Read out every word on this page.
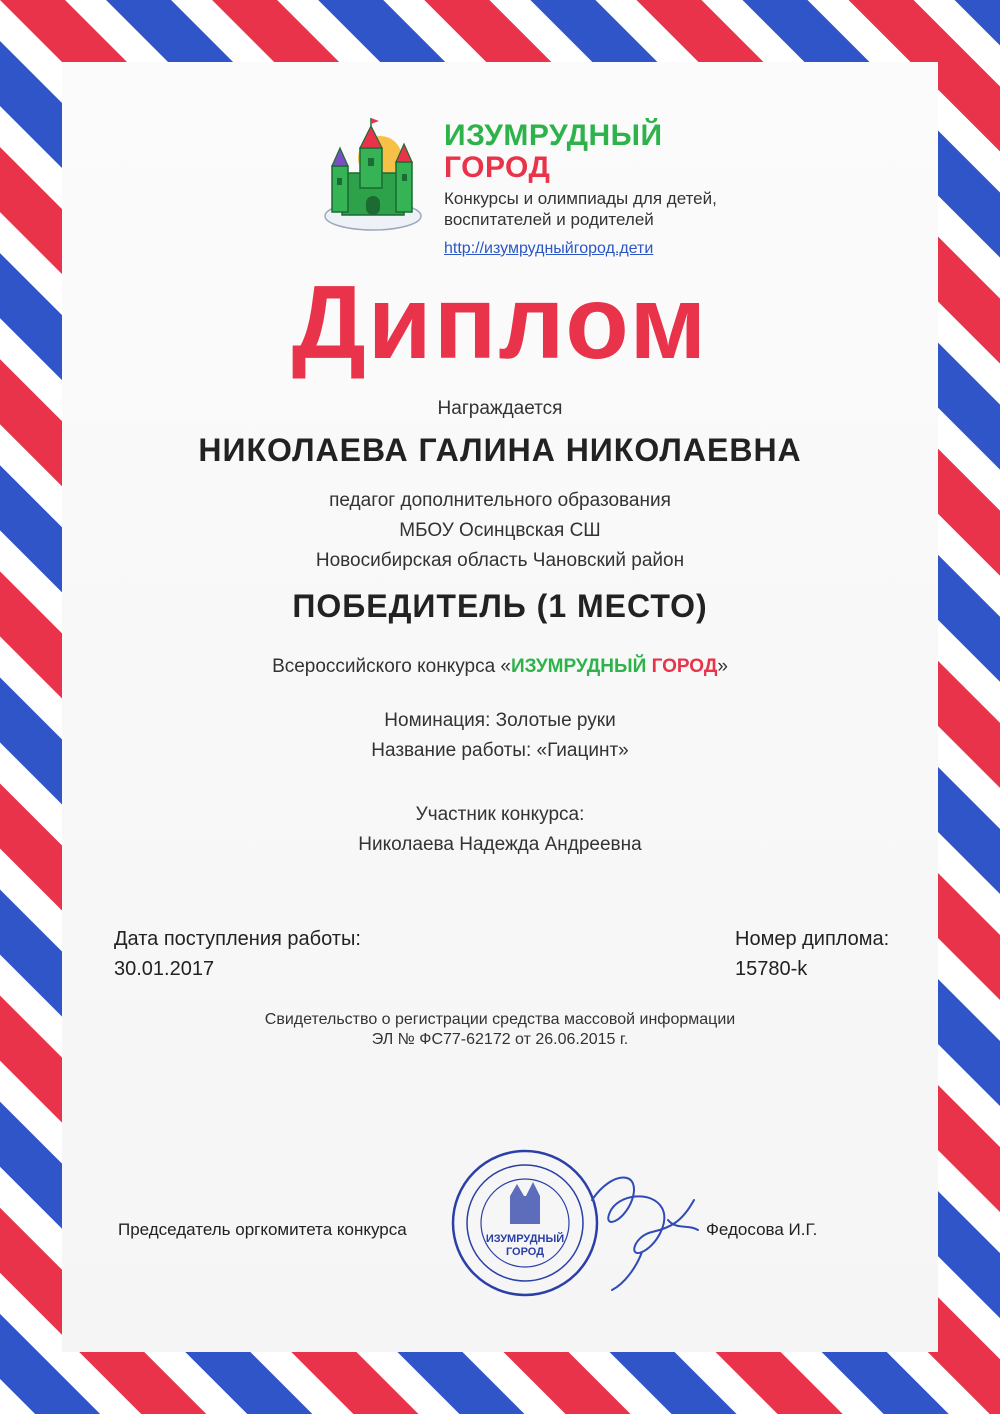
ИЗУМРУДНЫЙ
ГОРОД
Конкурсы и олимпиады для детей,
воспитателей и родителей
http://изумрудныйгород.дети
Диплом
Награждается
НИКОЛАЕВА ГАЛИНА НИКОЛАЕВНА
педагог дополнительного образования
МБОУ Осинцвская СШ
Новосибирская область Чановский район
ПОБЕДИТЕЛЬ (1 МЕСТО)
Всероссийского конкурса «ИЗУМРУДНЫЙ ГОРОД»
Номинация: Золотые руки
Название работы: «Гиацинт»
Участник конкурса:
Николаева Надежда Андреевна
Дата поступления работы:
30.01.2017
Номер диплома:
15780-k
Свидетельство о регистрации средства массовой информации
ЭЛ № ФС77-62172 от 26.06.2015 г.
Председатель оргкомитета конкурса	ИЗУМРУДНЫЙ
ГОРОД
Федосова И.Г.
